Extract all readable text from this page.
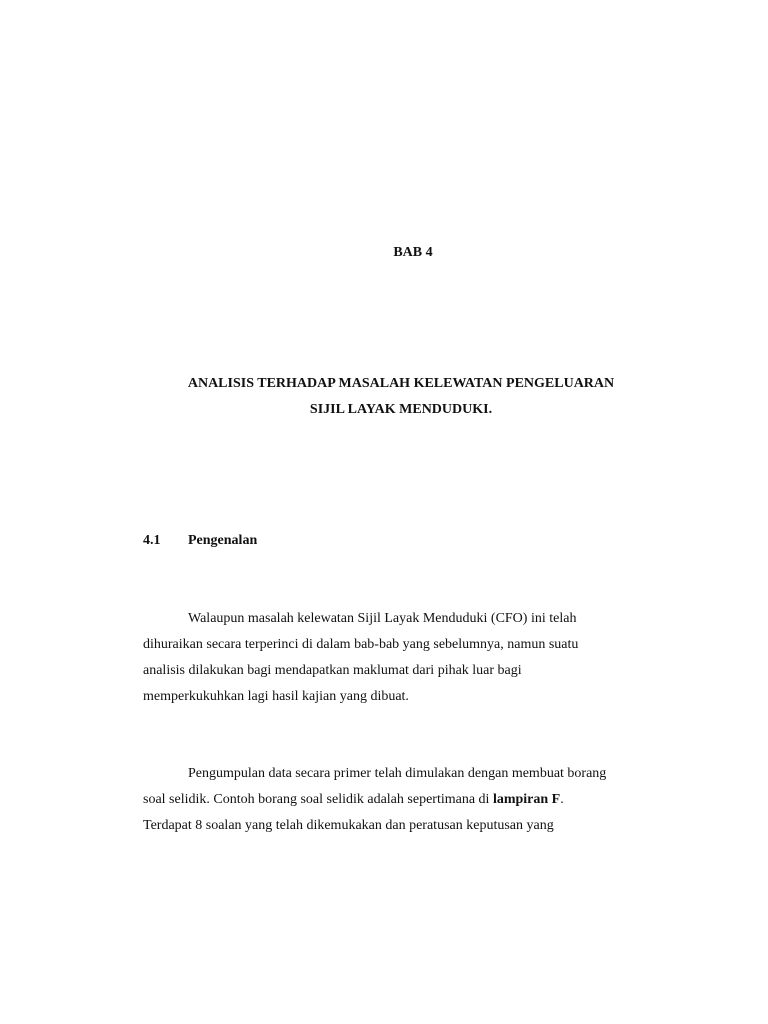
BAB 4
ANALISIS TERHADAP MASALAH KELEWATAN PENGELUARAN
SIJIL LAYAK MENDUDUKI.
4.1 Pengenalan
Walaupun masalah kelewatan Sijil Layak Menduduki (CFO) ini telah
dihuraikan secara terperinci di dalam bab-bab yang sebelumnya, namun suatu
analisis dilakukan bagi mendapatkan maklumat dari pihak luar bagi
memperkukuhkan lagi hasil kajian yang dibuat.
Pengumpulan data secara primer telah dimulakan dengan membuat borang
soal selidik. Contoh borang soal selidik adalah sepertimana di lampiran F.
Terdapat 8 soalan yang telah dikemukakan dan peratusan keputusan yang
